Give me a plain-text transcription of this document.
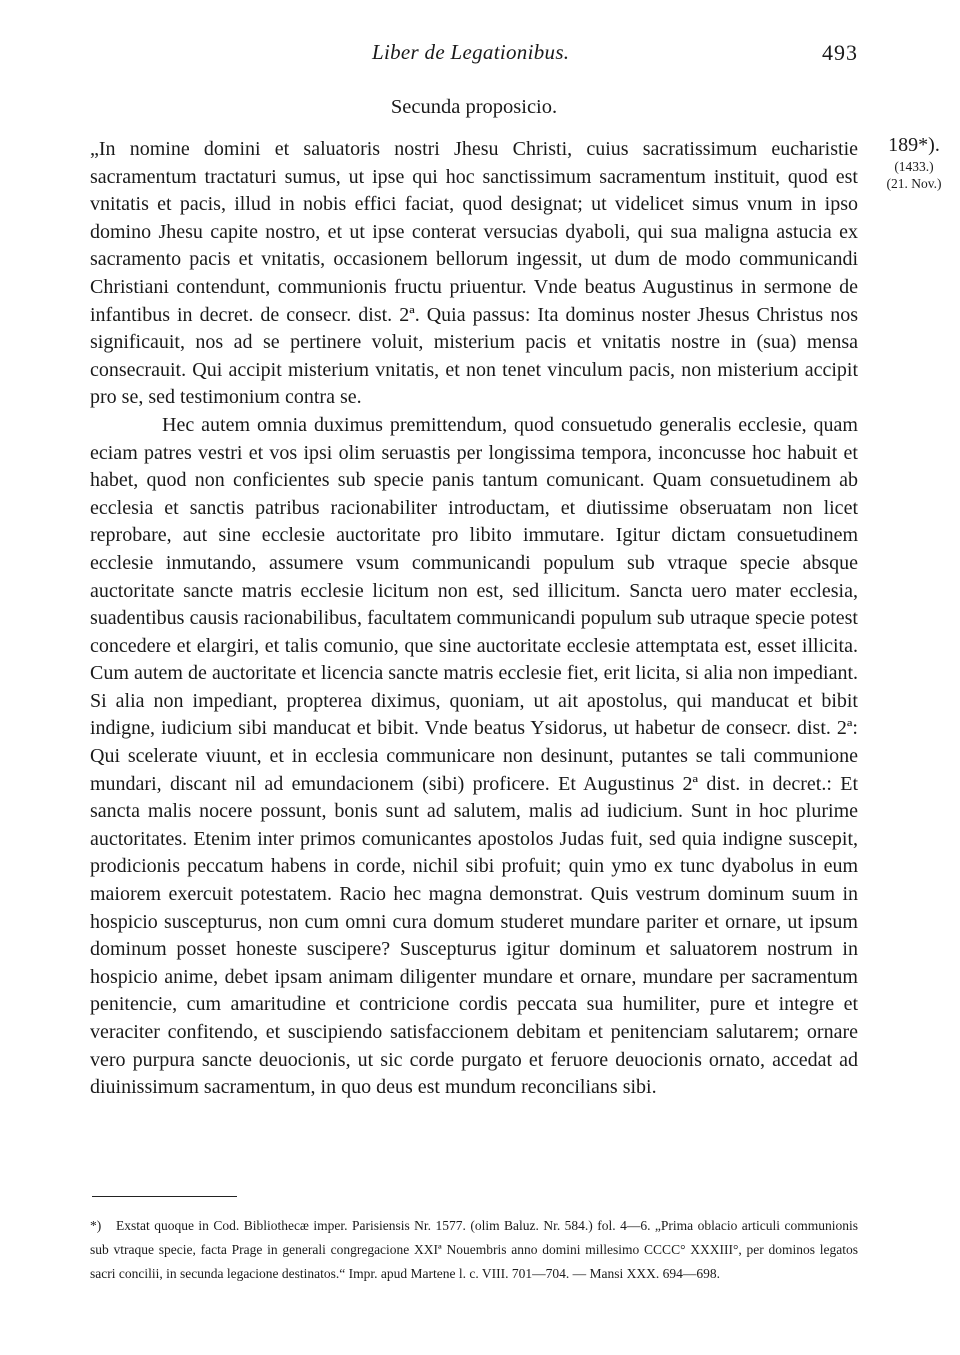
Liber de Legationibus.	493
Secunda proposicio.

„In nomine domini et saluatoris nostri Jhesu Christi, cuius sacratissimum eucharistie sacramentum tractaturi sumus, ut ipse qui hoc sanctissimum sacramentum instituit, quod est vnitatis et pacis, illud in nobis effici faciat, quod designat; ut videlicet simus vnum in ipso domino Jhesu capite nostro, et ut ipse conterat versucias dyaboli, qui sua maligna astucia ex sacramento pacis et vnitatis, occasionem bellorum ingessit, ut dum de modo communicandi Christiani contendunt, communionis fructu priuentur. Vnde beatus Augustinus in sermone de infantibus in decret. de consecr. dist. 2ª. Quia passus: Ita dominus noster Jhesus Christus nos significauit, nos ad se pertinere voluit, misterium pacis et vnitatis nostre in (sua) mensa consecrauit. Qui accipit misterium vnitatis, et non tenet vinculum pacis, non misterium accipit pro se, sed testimonium contra se.

Hec autem omnia duximus premittendum, quod consuetudo generalis ecclesie, quam eciam patres vestri et vos ipsi olim seruastis per longissima tempora, inconcusse hoc habuit et habet, quod non conficientes sub specie panis tantum comunicant. Quam consuetudinem ab ecclesia et sanctis patribus racionabiliter introductam, et diutissime obseruatam non licet reprobare, aut sine ecclesie auctoritate pro libito immutare. Igitur dictam consuetudinem ecclesie inmutando, assumere vsum communicandi populum sub vtraque specie absque auctoritate sancte matris ecclesie licitum non est, sed illicitum. Sancta uero mater ecclesia, suadentibus causis racionabilibus, facultatem communicandi populum sub utraque specie potest concedere et elargiri, et talis comunio, que sine auctoritate ecclesie attemptata est, esset illicita. Cum autem de auctoritate et licencia sancte matris ecclesie fiet, erit licita, si alia non impediant. Si alia non impediant, propterea diximus, quoniam, ut ait apostolus, qui manducat et bibit indigne, iudicium sibi manducat et bibit. Vnde beatus Ysidorus, ut habetur de consecr. dist. 2ª: Qui scelerate viuunt, et in ecclesia communicare non desinunt, putantes se tali communione mundari, discant nil ad emundacionem (sibi) proficere. Et Augustinus 2ª dist. in decret.: Et sancta malis nocere possunt, bonis sunt ad salutem, malis ad iudicium. Sunt in hoc plurime auctoritates. Etenim inter primos comunicantes apostolos Judas fuit, sed quia indigne suscepit, prodicionis peccatum habens in corde, nichil sibi profuit; quin ymo ex tunc dyabolus in eum maiorem exercuit potestatem. Racio hec magna demonstrat. Quis vestrum dominum suum in hospicio suscepturus, non cum omni cura domum studeret mundare pariter et ornare, ut ipsum dominum posset honeste suscipere? Suscepturus igitur dominum et saluatorem nostrum in hospicio anime, debet ipsam animam diligenter mundare et ornare, mundare per sacramentum penitencie, cum amaritudine et contricione cordis peccata sua humiliter, pure et integre et veraciter confitendo, et suscipiendo satisfaccionem debitam et penitenciam salutarem; ornare vero purpura sancte deuocionis, ut sic corde purgato et feruore deuocionis ornato, accedat ad diuinissimum sacramentum, in quo deus est mundum reconcilians sibi.

189*).
(1433.)
(21. Nov.)
*) Exstat quoque in Cod. Bibliothecæ imper. Parisiensis Nr. 1577. (olim Baluz. Nr. 584.) fol. 4—6. „Prima oblacio articuli communionis sub vtraque specie, facta Prage in generali congregacione XXIª Nouembris anno domini millesimo CCCC° XXXIII°, per dominos legatos sacri concilii, in secunda legacione destinatos.“ Impr. apud Martene l. c. VIII. 701—704. — Mansi XXX. 694—698.
